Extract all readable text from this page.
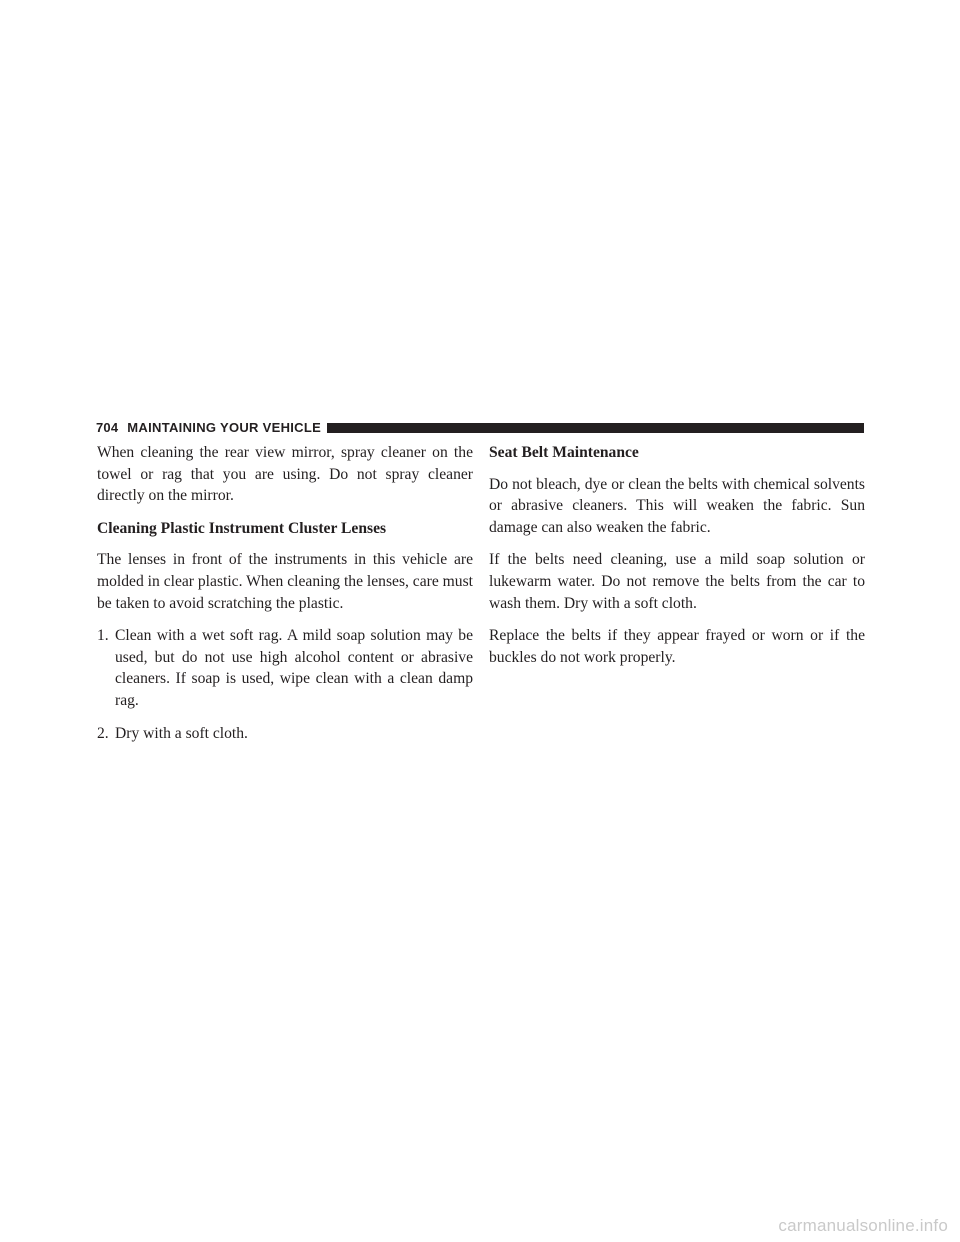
704 MAINTAINING YOUR VEHICLE

When cleaning the rear view mirror, spray cleaner on the towel or rag that you are using. Do not spray cleaner directly on the mirror.

Cleaning Plastic Instrument Cluster Lenses

The lenses in front of the instruments in this vehicle are molded in clear plastic. When cleaning the lenses, care must be taken to avoid scratching the plastic.

1. Clean with a wet soft rag. A mild soap solution may be used, but do not use high alcohol content or abrasive cleaners. If soap is used, wipe clean with a clean damp rag.
2. Dry with a soft cloth.
Seat Belt Maintenance

Do not bleach, dye or clean the belts with chemical solvents or abrasive cleaners. This will weaken the fabric. Sun damage can also weaken the fabric.

If the belts need cleaning, use a mild soap solution or lukewarm water. Do not remove the belts from the car to wash them. Dry with a soft cloth.

Replace the belts if they appear frayed or worn or if the buckles do not work properly.

carmanualsonline.info
